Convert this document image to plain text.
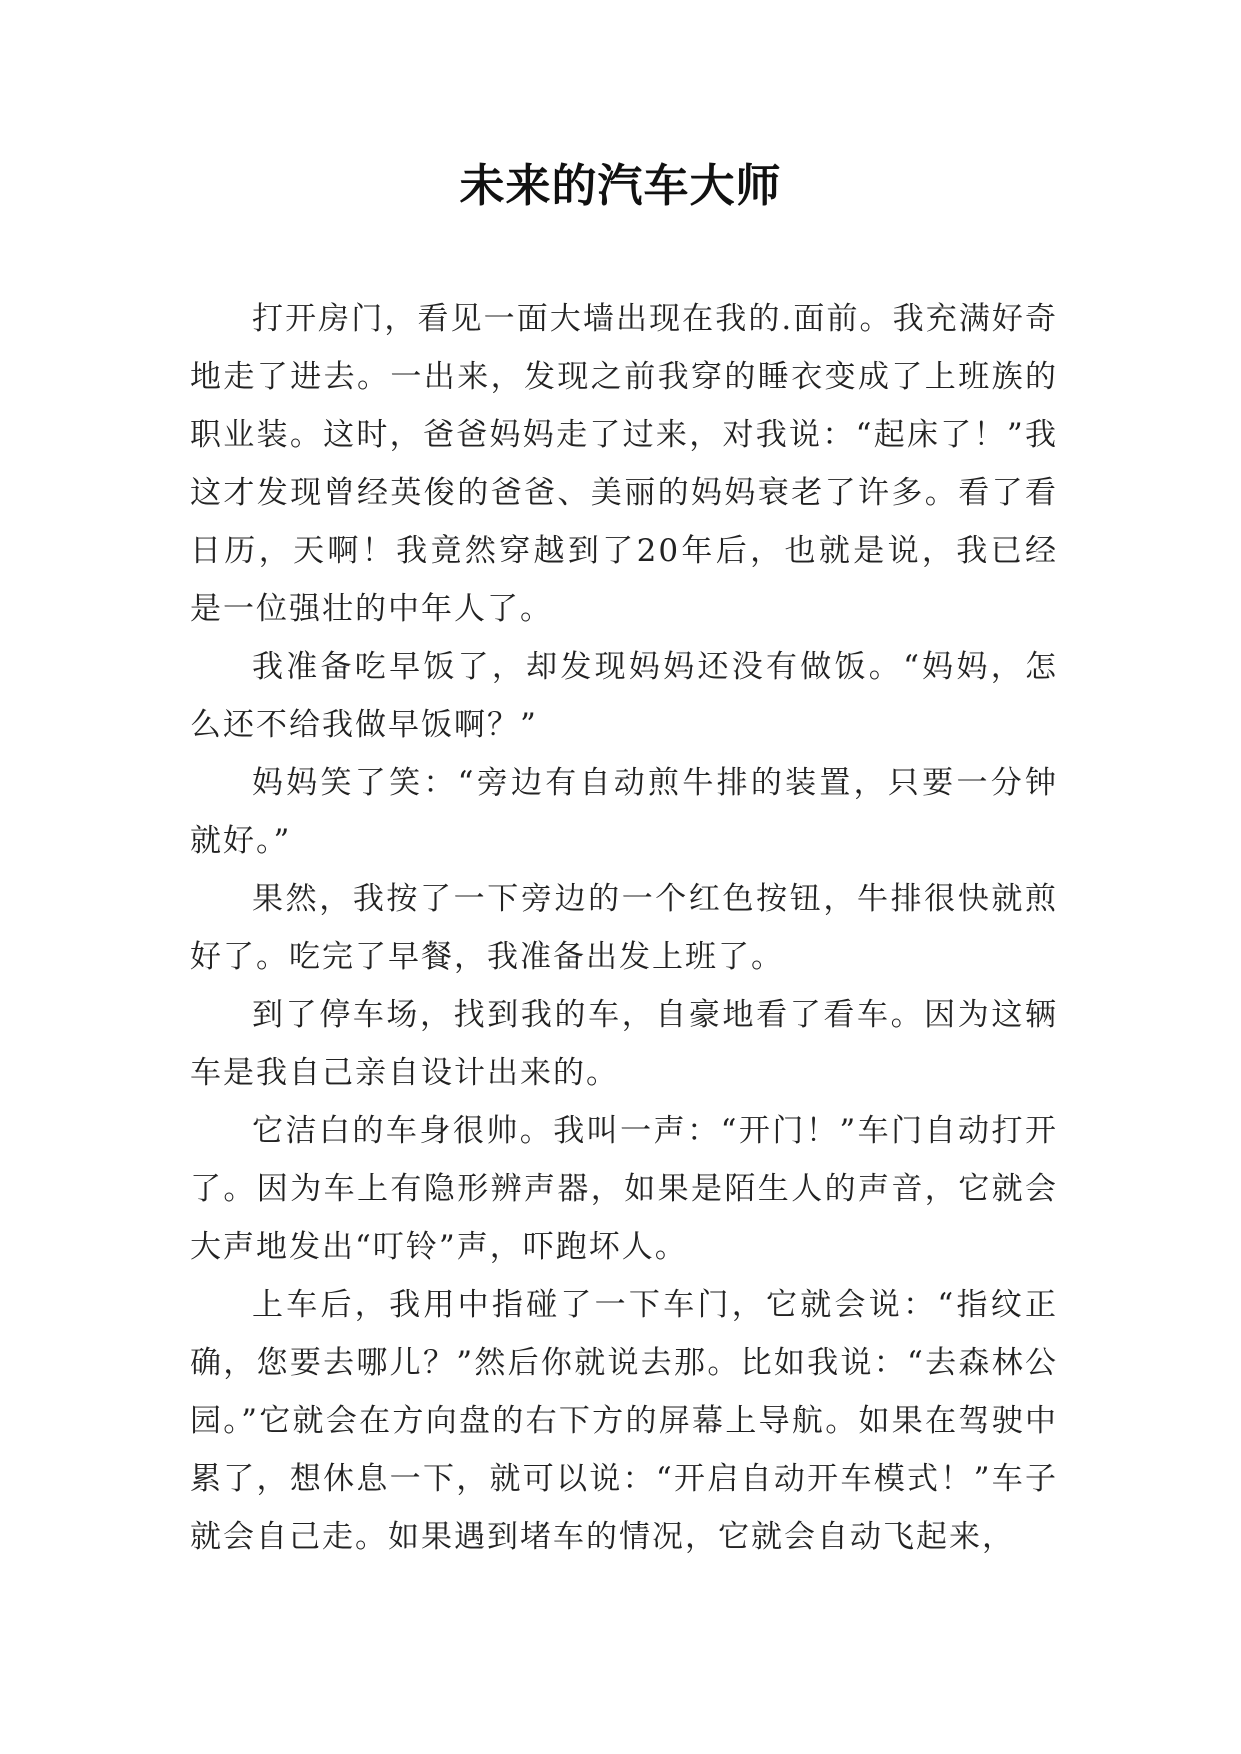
未来的汽车大师

打开房门，看见一面大墙出现在我的.面前。我充满好奇地走了进去。一出来，发现之前我穿的睡衣变成了上班族的职业装。这时，爸爸妈妈走了过来，对我说：“起床了！”我这才发现曾经英俊的爸爸、美丽的妈妈衰老了许多。看了看日历，天啊！我竟然穿越到了20年后，也就是说，我已经是一位强壮的中年人了。

我准备吃早饭了，却发现妈妈还没有做饭。“妈妈，怎么还不给我做早饭啊？”

妈妈笑了笑：“旁边有自动煎牛排的装置，只要一分钟就好。”

果然，我按了一下旁边的一个红色按钮，牛排很快就煎好了。吃完了早餐，我准备出发上班了。

到了停车场，找到我的车，自豪地看了看车。因为这辆车是我自己亲自设计出来的。

它洁白的车身很帅。我叫一声：“开门！”车门自动打开了。因为车上有隐形辨声器，如果是陌生人的声音，它就会大声地发出“叮铃”声，吓跑坏人。

上车后，我用中指碰了一下车门，它就会说：“指纹正确，您要去哪儿？”然后你就说去那。比如我说：“去森林公园。”它就会在方向盘的右下方的屏幕上导航。如果在驾驶中累了，想休息一下，就可以说：“开启自动开车模式！”车子就会自己走。如果遇到堵车的情况，它就会自动飞起来，
